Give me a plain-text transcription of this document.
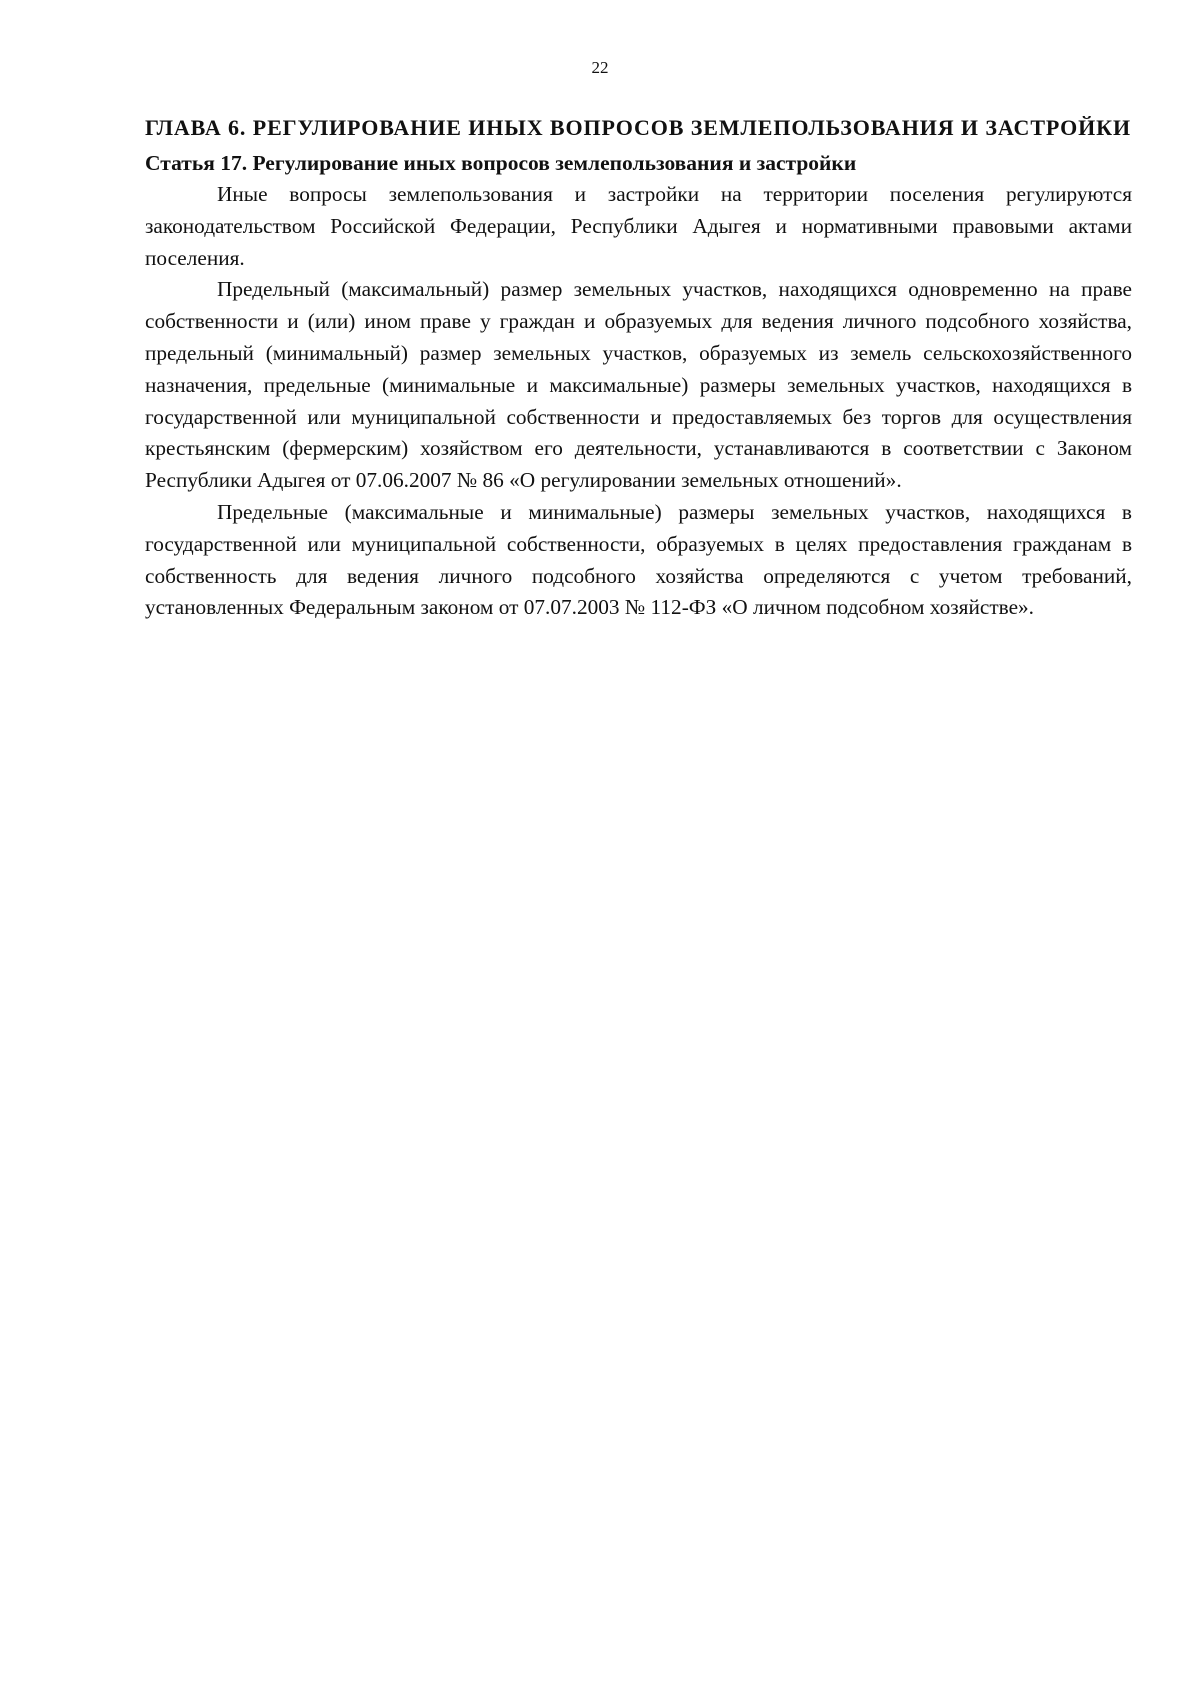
22
ГЛАВА 6. РЕГУЛИРОВАНИЕ ИНЫХ ВОПРОСОВ ЗЕМЛЕПОЛЬЗОВАНИЯ И ЗАСТРОЙКИ
Статья 17. Регулирование иных вопросов землепользования и застройки

Иные вопросы землепользования и застройки на территории поселения регулируются законодательством Российской Федерации, Республики Адыгея и нормативными правовыми актами поселения.

Предельный (максимальный) размер земельных участков, находящихся одновременно на праве собственности и (или) ином праве у граждан и образуемых для ведения личного подсобного хозяйства, предельный (минимальный) размер земельных участков, образуемых из земель сельскохозяйственного назначения, предельные (минимальные и максимальные) размеры земельных участков, находящихся в государственной или муниципальной собственности и предоставляемых без торгов для осуществления крестьянским (фермерским) хозяйством его деятельности, устанавливаются в соответствии с Законом Республики Адыгея от 07.06.2007 № 86 «О регулировании земельных отношений».

Предельные (максимальные и минимальные) размеры земельных участков, находящихся в государственной или муниципальной собственности, образуемых в целях предоставления гражданам в собственность для ведения личного подсобного хозяйства определяются с учетом требований, установленных Федеральным законом от 07.07.2003 № 112-ФЗ «О личном подсобном хозяйстве».
